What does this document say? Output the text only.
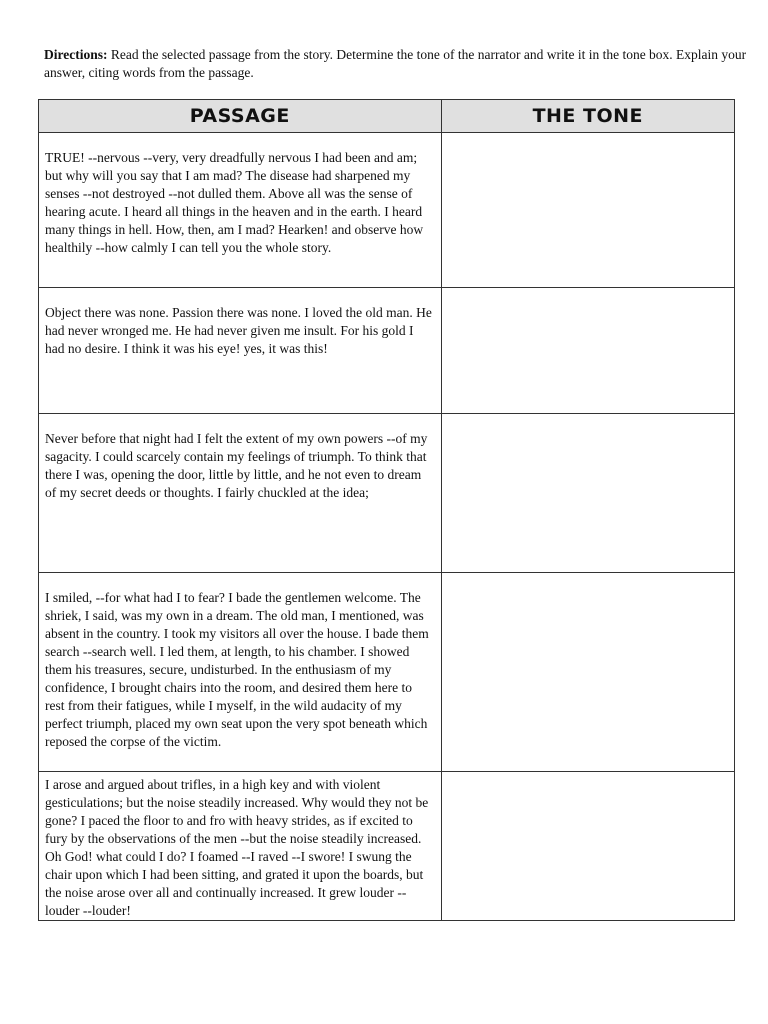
Directions: Read the selected passage from the story. Determine the tone of the narrator and write it in the tone box. Explain your answer, citing words from the passage.
PASSAGE	THE TONE
TRUE! --nervous --very, very dreadfully nervous I had been and am; but why will you say that I am mad? The disease had sharpened my senses --not destroyed --not dulled them. Above all was the sense of hearing acute. I heard all things in the heaven and in the earth. I heard many things in hell. How, then, am I mad? Hearken! and observe how healthily --how calmly I can tell you the whole story.	
Object there was none. Passion there was none. I loved the old man. He had never wronged me. He had never given me insult. For his gold I had no desire. I think it was his eye! yes, it was this!	
Never before that night had I felt the extent of my own powers --of my sagacity. I could scarcely contain my feelings of triumph. To think that there I was, opening the door, little by little, and he not even to dream of my secret deeds or thoughts. I fairly chuckled at the idea;	
I smiled, --for what had I to fear? I bade the gentlemen welcome. The shriek, I said, was my own in a dream. The old man, I mentioned, was absent in the country. I took my visitors all over the house. I bade them search --search well. I led them, at length, to his chamber. I showed them his treasures, secure, undisturbed. In the enthusiasm of my confidence, I brought chairs into the room, and desired them here to rest from their fatigues, while I myself, in the wild audacity of my perfect triumph, placed my own seat upon the very spot beneath which reposed the corpse of the victim.	
I arose and argued about trifles, in a high key and with violent gesticulations; but the noise steadily increased. Why would they not be gone? I paced the floor to and fro with heavy strides, as if excited to fury by the observations of the men --but the noise steadily increased. Oh God! what could I do? I foamed --I raved --I swore! I swung the chair upon which I had been sitting, and grated it upon the boards, but the noise arose over all and continually increased. It grew louder --louder --louder!	
